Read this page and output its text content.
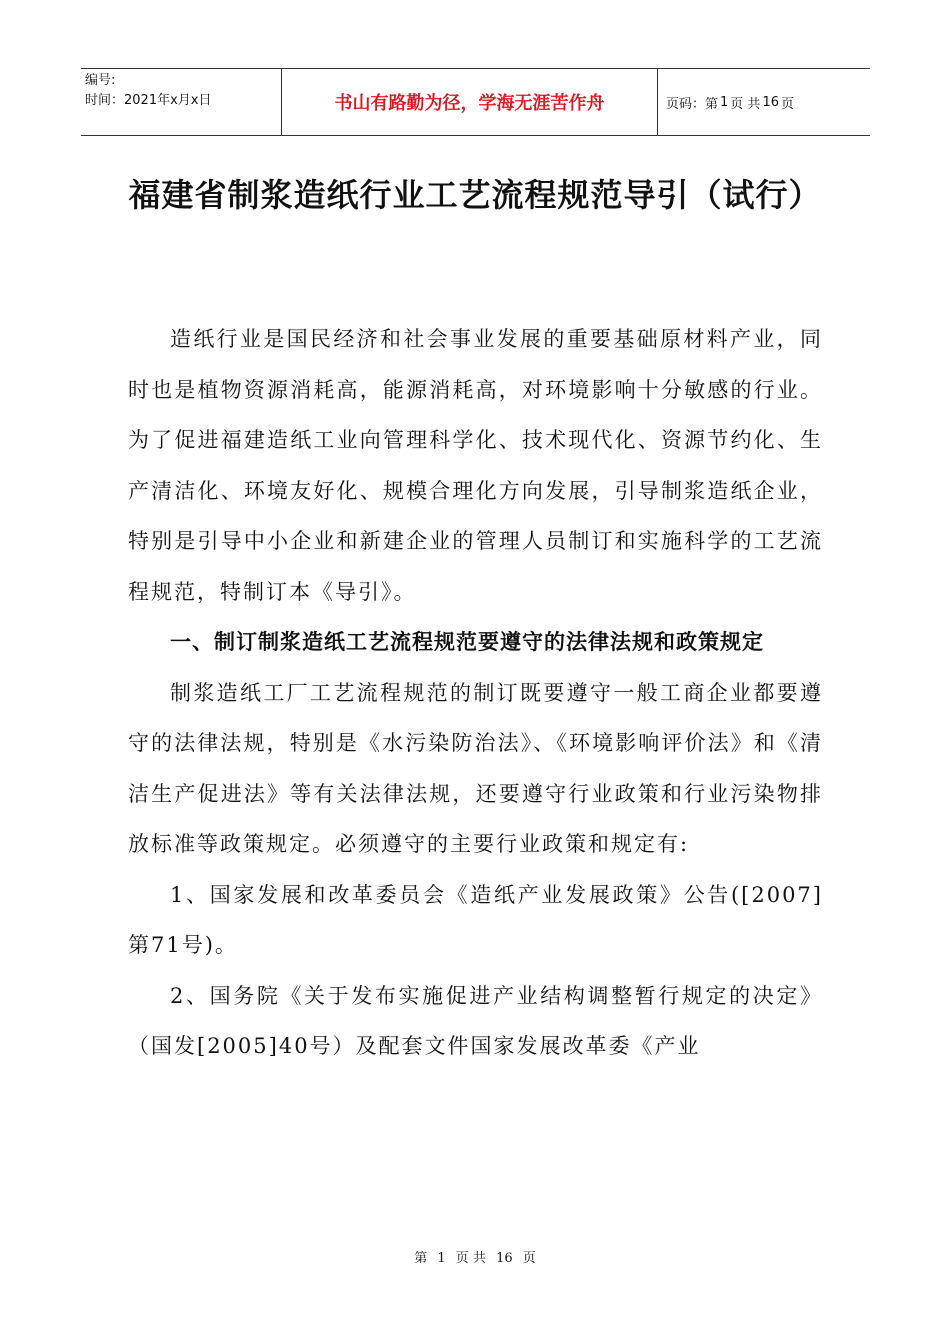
编号:
时间：2021年x月x日	书山有路勤为径，学海无涯苦作舟	页码：第 1 页 共 16 页
福建省制浆造纸行业工艺流程规范导引（试行）

造纸行业是国民经济和社会事业发展的重要基础原材料产业，同时也是植物资源消耗高，能源消耗高，对环境影响十分敏感的行业。为了促进福建造纸工业向管理科学化、技术现代化、资源节约化、生产清洁化、环境友好化、规模合理化方向发展，引导制浆造纸企业，特别是引导中小企业和新建企业的管理人员制订和实施科学的工艺流程规范，特制订本《导引》。

一、制订制浆造纸工艺流程规范要遵守的法律法规和政策规定

制浆造纸工厂工艺流程规范的制订既要遵守一般工商企业都要遵守的法律法规，特别是《水污染防治法》、《环境影响评价法》和《清洁生产促进法》等有关法律法规，还要遵守行业政策和行业污染物排放标准等政策规定。必须遵守的主要行业政策和规定有:

1、国家发展和改革委员会《造纸产业发展政策》公告([2007]第71号)。

2、国务院《关于发布实施促进产业结构调整暂行规定的决定》（国发[2005]40号）及配套文件国家发展改革委《产业

第 1 页 共 16 页
